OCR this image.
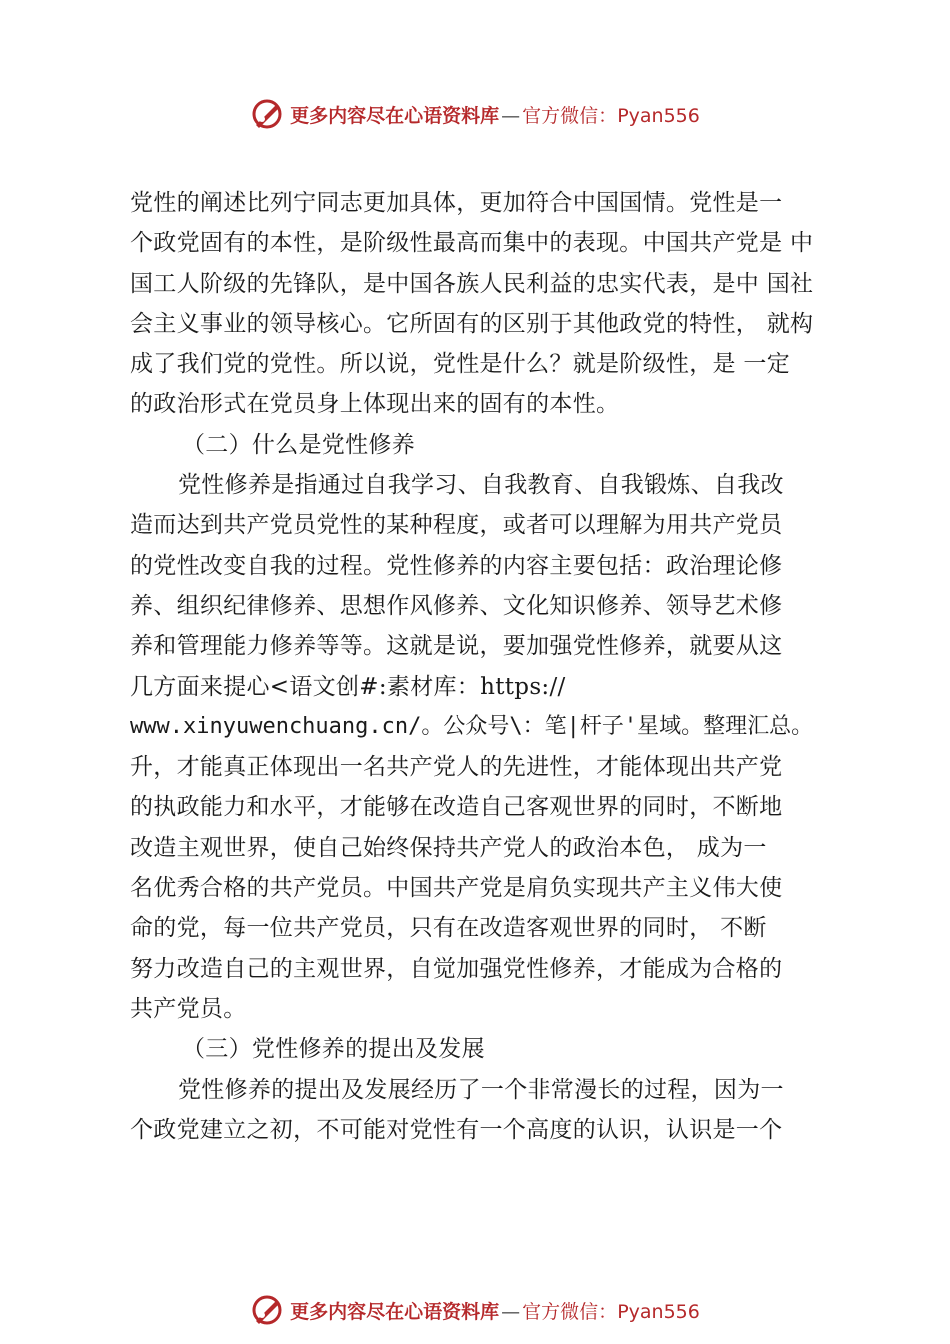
更多内容尽在心语资料库 — 官方微信：Pyan556
党性的阐述比列宁同志更加具体，更加符合中国国情。党性是一
个政党固有的本性，是阶级性最高而集中的表现。中国共产党是 中
国工人阶级的先锋队，是中国各族人民利益的忠实代表，是中 国社
会主义事业的领导核心。它所固有的区别于其他政党的特性， 就构
成了我们党的党性。所以说，党性是什么？就是阶级性，是 一定
的政治形式在党员身上体现出来的固有的本性。
（二）什么是党性修养
党性修养是指通过自我学习、自我教育、自我锻炼、自我改
造而达到共产党员党性的某种程度，或者可以理解为用共产党员
的党性改变自我的过程。党性修养的内容主要包括：政治理论修
养、组织纪律修养、思想作风修养、文化知识修养、领导艺术修
养和管理能力修养等等。这就是说，要加强党性修养，就要从这
几方面来提心<语文创#:素材库：https://
www.xinyuwenchuang.cn/。公众号\：笔|杆子'星域。整理汇总。
升，才能真正体现出一名共产党人的先进性，才能体现出共产党
的执政能力和水平，才能够在改造自己客观世界的同时，不断地
改造主观世界，使自己始终保持共产党人的政治本色， 成为一
名优秀合格的共产党员。中国共产党是肩负实现共产主义伟大使
命的党，每一位共产党员，只有在改造客观世界的同时， 不断
努力改造自己的主观世界，自觉加强党性修养，才能成为合格的
共产党员。
（三）党性修养的提出及发展
党性修养的提出及发展经历了一个非常漫长的过程，因为一
个政党建立之初，不可能对党性有一个高度的认识，认识是一个
更多内容尽在心语资料库 — 官方微信：Pyan556
